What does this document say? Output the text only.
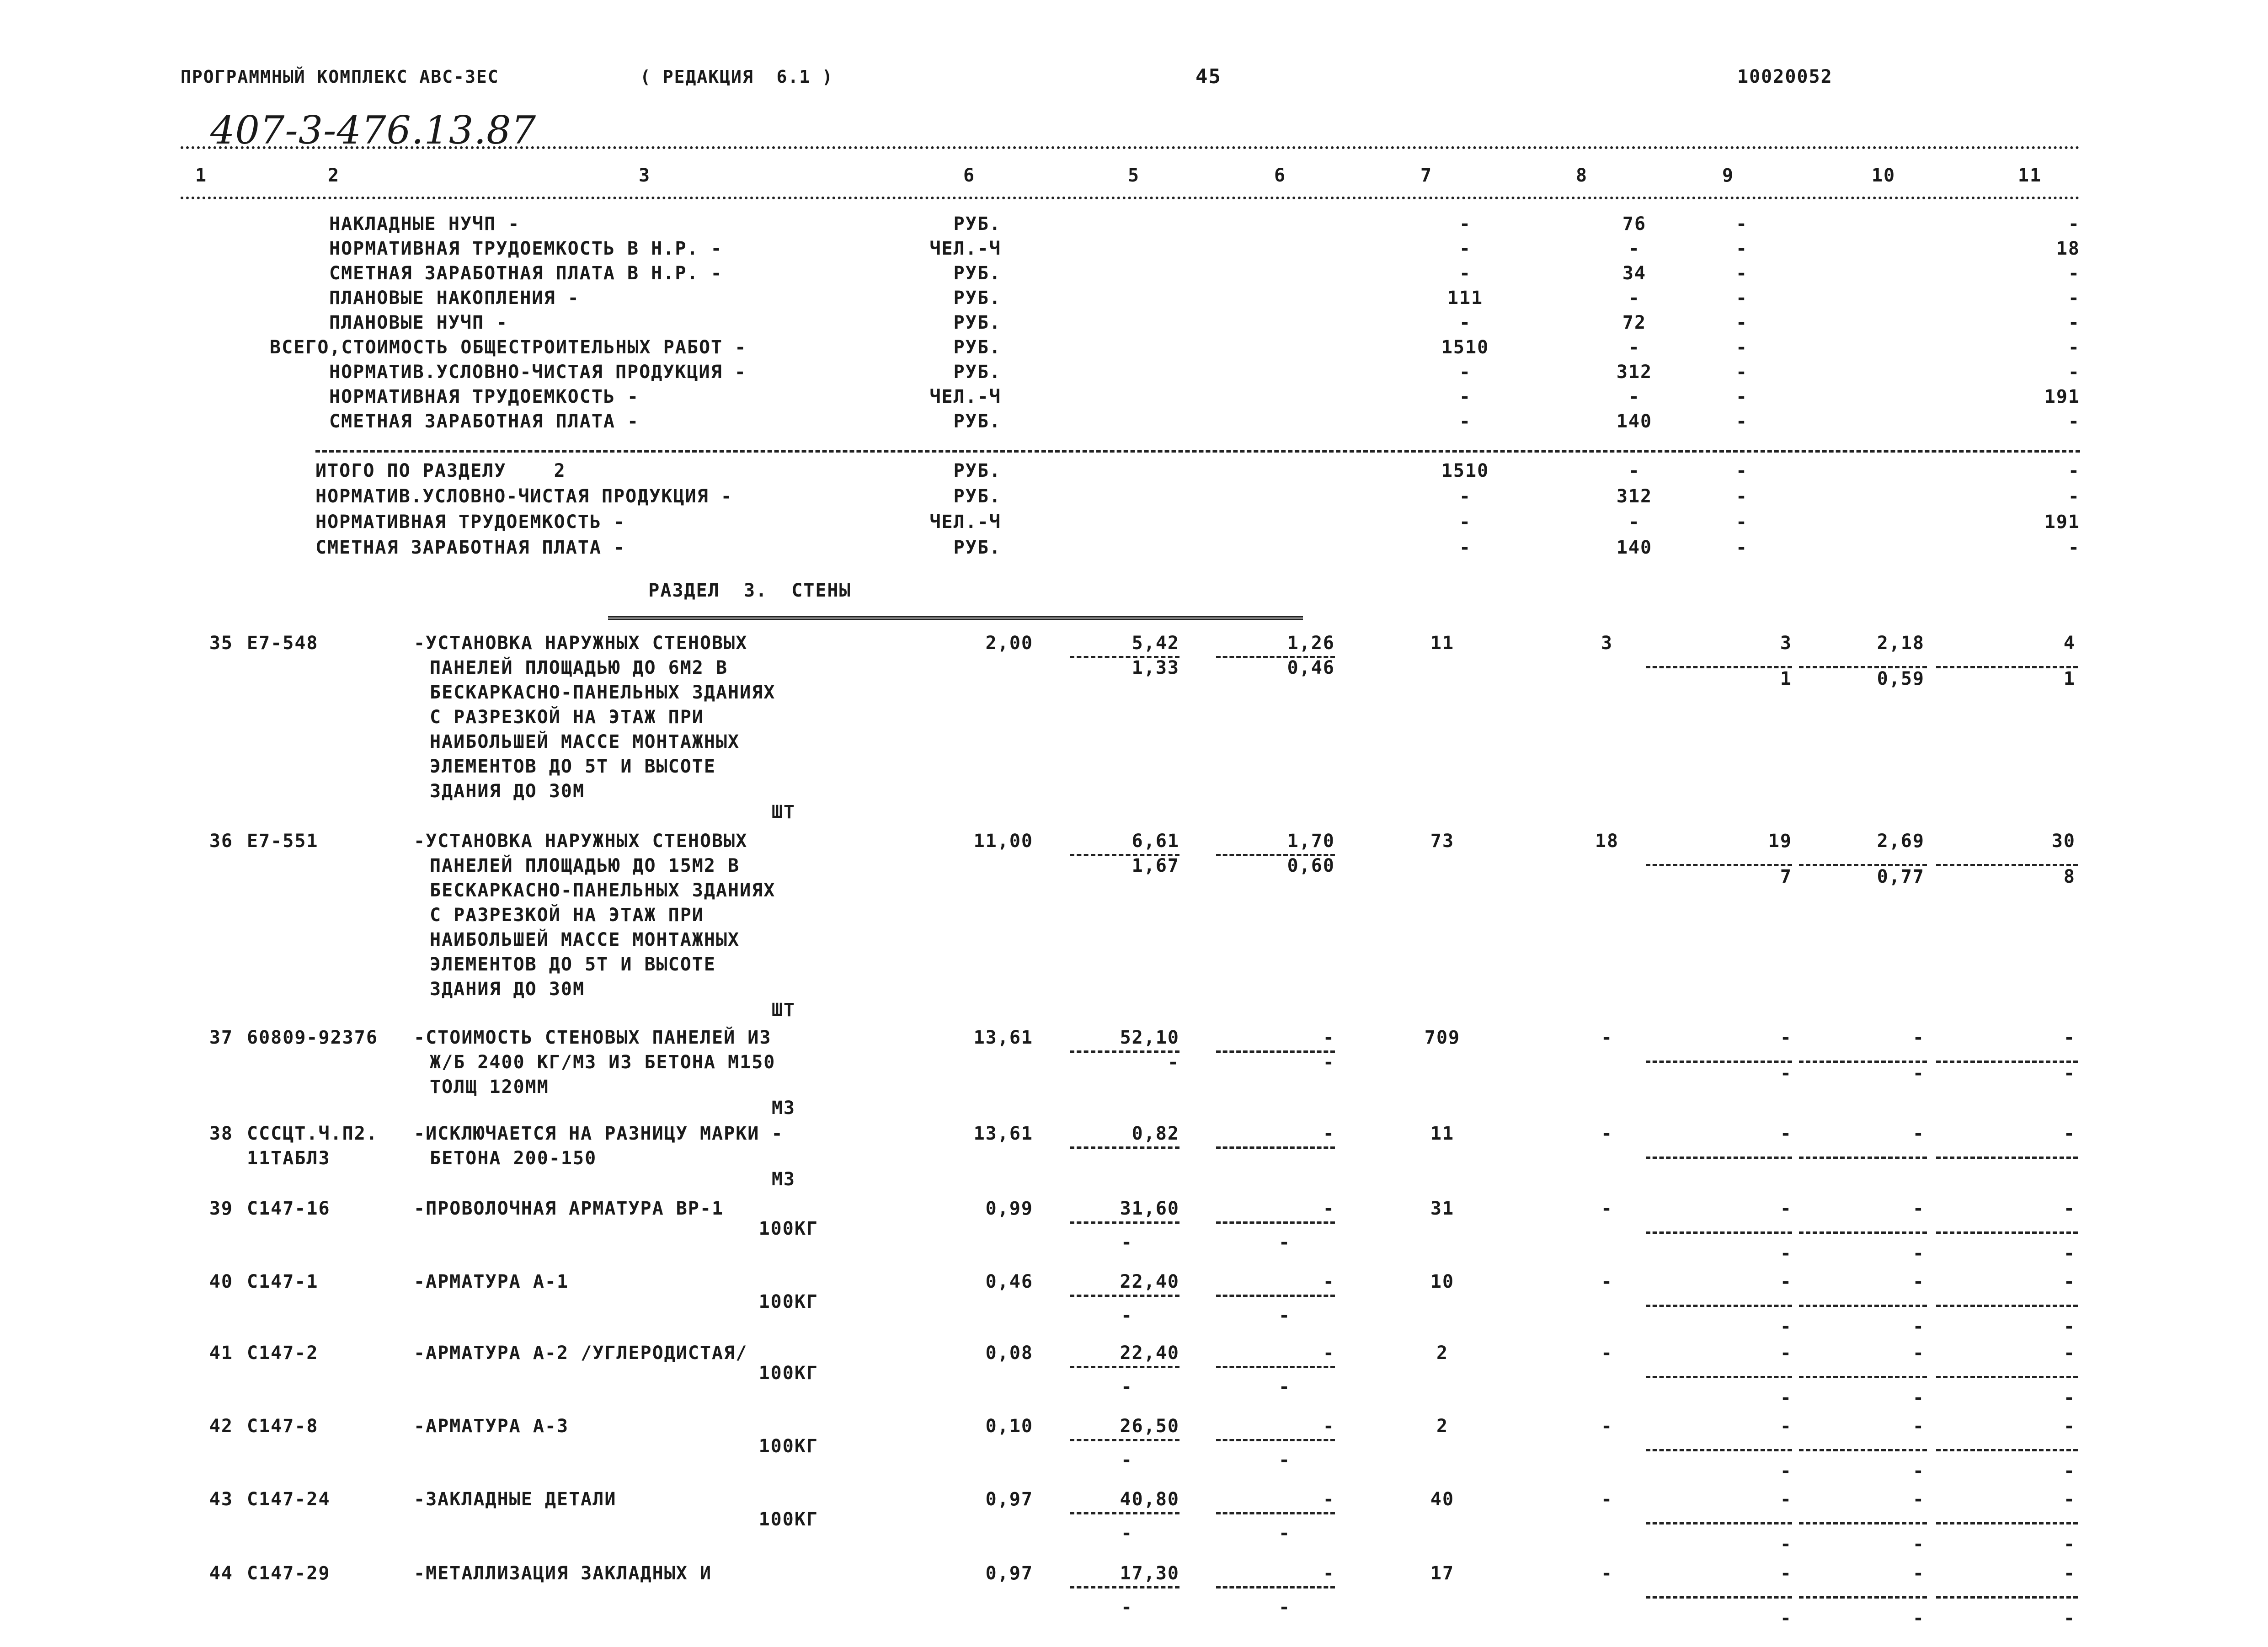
ПРОГРАММНЫЙ КОМПЛЕКС АВС-ЗЕС	( РЕДАКЦИЯ  6.1 )	45	10020052
407-3-476.13.87
1	2	3	6	5	6	7	8	9	10	11
НАКЛАДНЫЕ НУЧП -	РУБ.	-	76	-	-
НОРМАТИВНАЯ ТРУДОЕМКОСТЬ В Н.Р. -	ЧЕЛ.-Ч	-	-	-	18
СМЕТНАЯ ЗАРАБОТНАЯ ПЛАТА В Н.Р. -	РУБ.	-	34	-	-
ПЛАНОВЫЕ НАКОПЛЕНИЯ -	РУБ.	111	-	-	-
ПЛАНОВЫЕ НУЧП -	РУБ.	-	72	-	-
ВСЕГО,СТОИМОСТЬ ОБЩЕСТРОИТЕЛЬНЫХ РАБОТ -	РУБ.	1510	-	-	-
НОРМАТИВ.УСЛОВНО-ЧИСТАЯ ПРОДУКЦИЯ -	РУБ.	-	312	-	-
НОРМАТИВНАЯ ТРУДОЕМКОСТЬ -	ЧЕЛ.-Ч	-	-	-	191
СМЕТНАЯ ЗАРАБОТНАЯ ПЛАТА -	РУБ.	-	140	-	-
ИТОГО ПО РАЗДЕЛУ    2	РУБ.	1510	-	-	-
НОРМАТИВ.УСЛОВНО-ЧИСТАЯ ПРОДУКЦИЯ -	РУБ.	-	312	-	-
НОРМАТИВНАЯ ТРУДОЕМКОСТЬ -	ЧЕЛ.-Ч	-	-	-	191
СМЕТНАЯ ЗАРАБОТНАЯ ПЛАТА -	РУБ.	-	140	-	-
РАЗДЕЛ  3.  СТЕНЫ
35 Е7-548	-УСТАНОВКА НАРУЖНЫХ СТЕНОВЫХ
ПАНЕЛЕЙ ПЛОЩАДЬЮ ДО 6М2 В
БЕСКАРКАСНО-ПАНЕЛЬНЫХ ЗДАНИЯХ
С РАЗРЕЗКОЙ НА ЭТАЖ ПРИ
НАИБОЛЬШЕЙ МАССЕ МОНТАЖНЫХ
ЭЛЕМЕНТОВ ДО 5Т И ВЫСОТЕ
ЗДАНИЯ ДО 30М
ШТ
2,00	5,42	1,26	11	3	3	2,18	4
1,33	0,46
1	0,59	1
36 Е7-551	-УСТАНОВКА НАРУЖНЫХ СТЕНОВЫХ
ПАНЕЛЕЙ ПЛОЩАДЬЮ ДО 15М2 В
БЕСКАРКАСНО-ПАНЕЛЬНЫХ ЗДАНИЯХ
С РАЗРЕЗКОЙ НА ЭТАЖ ПРИ
НАИБОЛЬШЕЙ МАССЕ МОНТАЖНЫХ
ЭЛЕМЕНТОВ ДО 5Т И ВЫСОТЕ
ЗДАНИЯ ДО 30М
ШТ
11,00	6,61	1,70	73	18	19	2,69	30
1,67	0,60
7	0,77	8
37 60809-92376 -СТОИМОСТЬ СТЕНОВЫХ ПАНЕЛЕЙ ИЗ
Ж/Б 2400 КГ/М3 ИЗ БЕТОНА М150
ТОЛЩ 120ММ
М3
13,61	52,10	-	709	-	-	-	-
-	-
-	-	-
38 СССЦТ.Ч.П2.
11ТАБЛ3
-ИСКЛЮЧАЕТСЯ НА РАЗНИЦУ МАРКИ -
БЕТОНА 200-150
М3
13,61	0,82	-	11	-	-	-	-
39 С147-16	-ПРОВОЛОЧНАЯ АРМАТУРА ВР-1
100КГ
0,99	31,60	-	31	-	-	-	-
-	-
-	-	-
40 С147-1	-АРМАТУРА А-1
100КГ
0,46	22,40	-	10	-	-	-	-
-	-
-	-	-
41 С147-2	-АРМАТУРА А-2 /УГЛЕРОДИСТАЯ/
100КГ
0,08	22,40	-	2	-	-	-	-
-	-
-	-	-
42 С147-8	-АРМАТУРА А-3
100КГ
0,10	26,50	-	2	-	-	-	-
-	-
-	-	-
43 С147-24	-ЗАКЛАДНЫЕ ДЕТАЛИ
100КГ
0,97	40,80	-	40	-	-	-	-
-	-
-	-	-
44 С147-29	-МЕТАЛЛИЗАЦИЯ ЗАКЛАДНЫХ И	0,97	17,30	-	17	-	-	-	-
-	-
-	-	-
